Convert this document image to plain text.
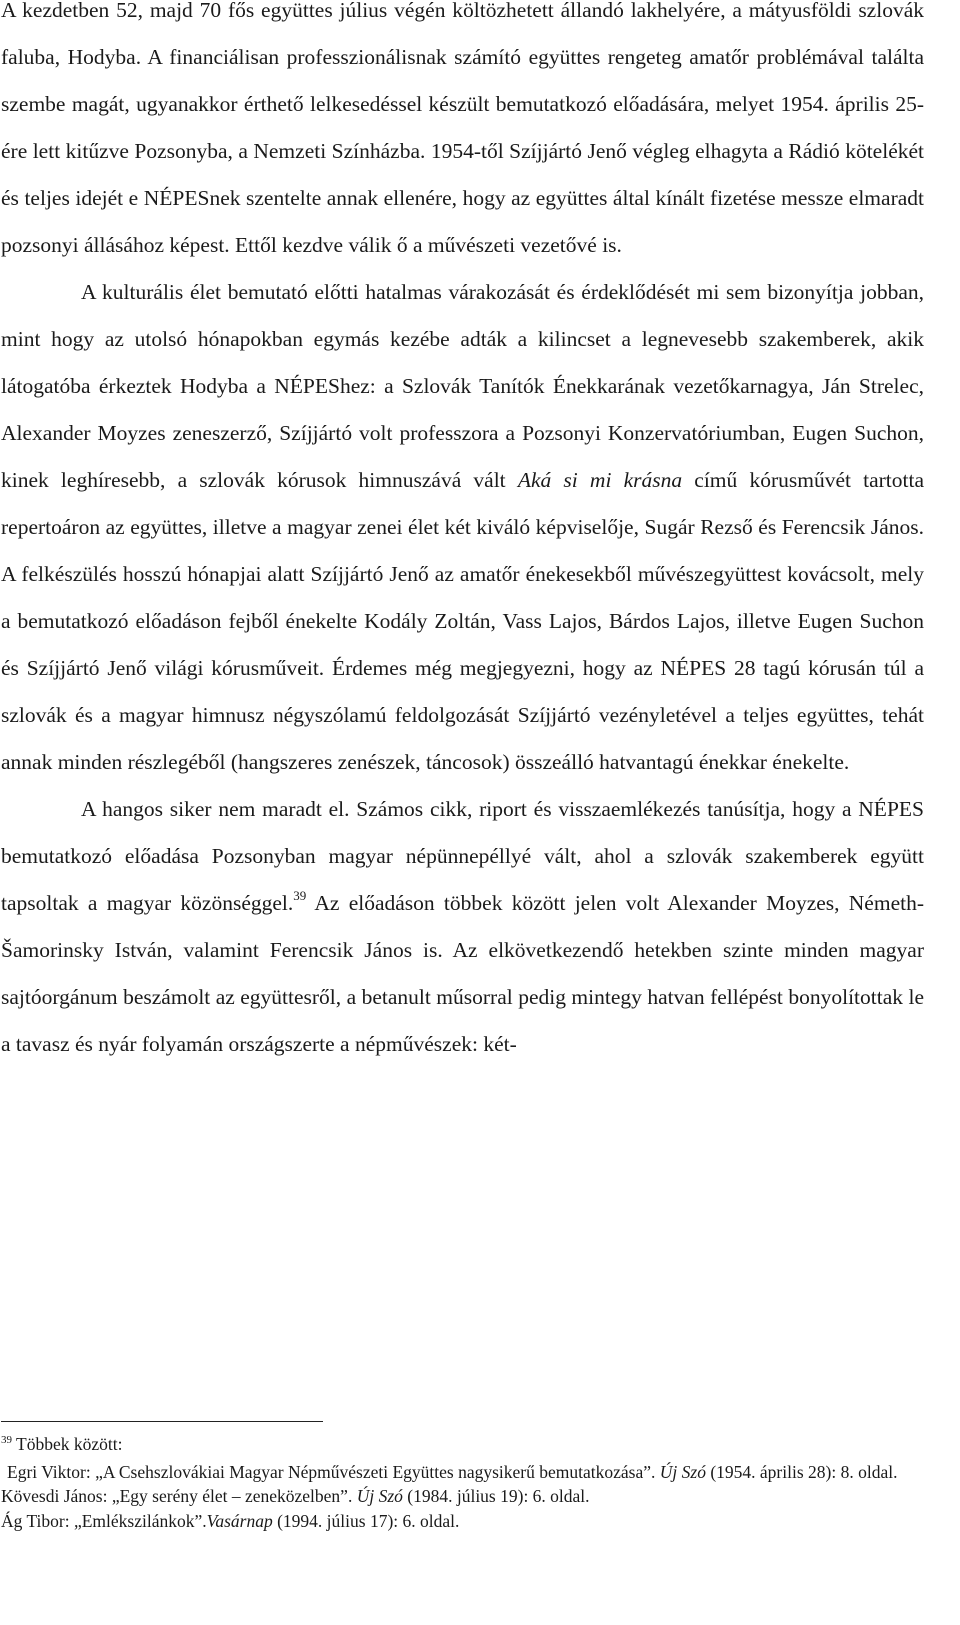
A kezdetben 52, majd 70 fős együttes július végén költözhetett állandó lakhelyére, a mátyusföldi szlovák faluba, Hodyba. A financiálisan professzionálisnak számító együttes rengeteg amatőr problémával találta szembe magát, ugyanakkor érthető lelkesedéssel készült bemutatkozó előadására, melyet 1954. április 25-ére lett kitűzve Pozsonyba, a Nemzeti Színházba. 1954-től Szíjjártó Jenő végleg elhagyta a Rádió kötelékét és teljes idejét e NÉPESnek szentelte annak ellenére, hogy az együttes által kínált fizetése messze elmaradt pozsonyi állásához képest. Ettől kezdve válik ő a művészeti vezetővé is.

A kulturális élet bemutató előtti hatalmas várakozását és érdeklődését mi sem bizonyítja jobban, mint hogy az utolsó hónapokban egymás kezébe adták a kilincset a legnevesebb szakemberek, akik látogatóba érkeztek Hodyba a NÉPEShez: a Szlovák Tanítók Énekkarának vezetőkarnagya, Ján Strelec, Alexander Moyzes zeneszerző, Szíjjártó volt professzora a Pozsonyi Konzervatóriumban, Eugen Suchon, kinek leghíresebb, a szlovák kórusok himnuszává vált Aká si mi krásna című kórusművét tartotta repertoáron az együttes, illetve a magyar zenei élet két kiváló képviselője, Sugár Rezső és Ferencsik János. A felkészülés hosszú hónapjai alatt Szíjjártó Jenő az amatőr énekesekből művészegyüttest kovácsolt, mely a bemutatkozó előadáson fejből énekelte Kodály Zoltán, Vass Lajos, Bárdos Lajos, illetve Eugen Suchon és Szíjjártó Jenő világi kórusműveit. Érdemes még megjegyezni, hogy az NÉPES 28 tagú kórusán túl a szlovák és a magyar himnusz négyszólamú feldolgozását Szíjjártó vezényletével a teljes együttes, tehát annak minden részlegéből (hangszeres zenészek, táncosok) összeálló hatvantagú énekkar énekelte.

A hangos siker nem maradt el. Számos cikk, riport és visszaemlékezés tanúsítja, hogy a NÉPES bemutatkozó előadása Pozsonyban magyar népünnepéllyé vált, ahol a szlovák szakemberek együtt tapsoltak a magyar közönséggel.$^{39}$ Az előadáson többek között jelen volt Alexander Moyzes, Németh-Šamorinsky István, valamint Ferencsik János is. Az elkövetkezendő hetekben szinte minden magyar sajtóorgánum beszámolt az együttesről, a betanult műsorral pedig mintegy hatvan fellépést bonyolítottak le a tavasz és nyár folyamán országszerte a népművészek: két-

$^{39}$ Többek között:

Egri Viktor: „A Csehszlovákiai Magyar Népművészeti Együttes nagysikerű bemutatkozása”. Új Szó (1954. április 28): 8. oldal.

Kövesdi János: „Egy serény élet – zeneközelben”. Új Szó (1984. július 19): 6. oldal.

Ág Tibor: „Emlékszilánkok”.Vasárnap (1994. július 17): 6. oldal.
